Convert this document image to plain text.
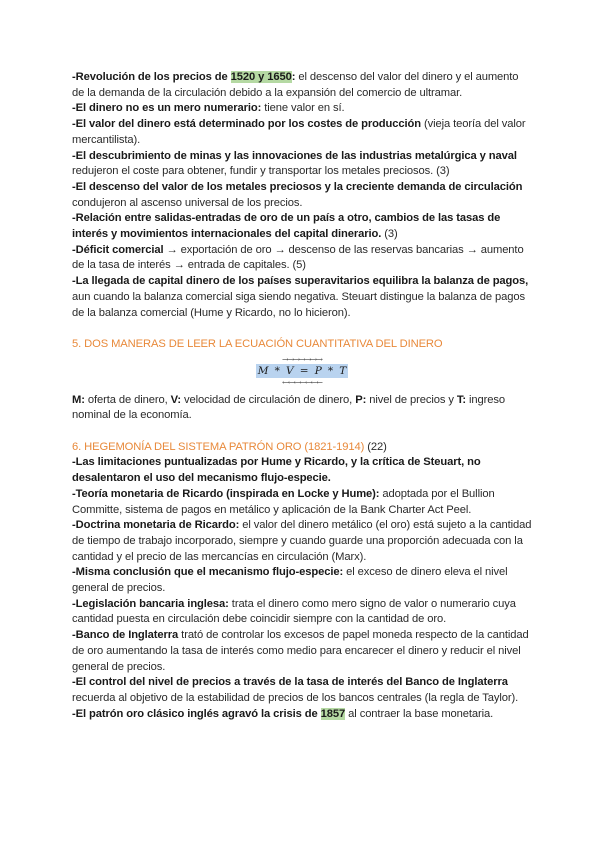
-Revolución de los precios de 1520 y 1650: el descenso del valor del dinero y el aumento de la demanda de la circulación debido a la expansión del comercio de ultramar.

-El dinero no es un mero numerario: tiene valor en sí.

-El valor del dinero está determinado por los costes de producción (vieja teoría del valor mercantilista).

-El descubrimiento de minas y las innovaciones de las industrias metalúrgica y naval redujeron el coste para obtener, fundir y transportar los metales preciosos. (3)

-El descenso del valor de los metales preciosos y la creciente demanda de circulación condujeron al ascenso universal de los precios.

-Relación entre salidas-entradas de oro de un país a otro, cambios de las tasas de interés y movimientos internacionales del capital dinerario. (3)

-Déficit comercial → exportación de oro → descenso de las reservas bancarias → aumento de la tasa de interés → entrada de capitales. (5)

-La llegada de capital dinero de los países superavitarios equilibra la balanza de pagos, aun cuando la balanza comercial siga siendo negativa. Steuart distingue la balanza de pagos de la balanza comercial (Hume y Ricardo, no lo hicieron).

5. DOS MANERAS DE LEER LA ECUACIÓN CUANTITATIVA DEL DINERO

→→→→→→→
M * V = P * T
←←←←←←←

M: oferta de dinero, V: velocidad de circulación de dinero, P: nivel de precios y T: ingreso nominal de la economía.

6. HEGEMONÍA DEL SISTEMA PATRÓN ORO (1821-1914) (22)

-Las limitaciones puntualizadas por Hume y Ricardo, y la crítica de Steuart, no desalentaron el uso del mecanismo flujo-especie.

-Teoría monetaria de Ricardo (inspirada en Locke y Hume): adoptada por el Bullion Committe, sistema de pagos en metálico y aplicación de la Bank Charter Act Peel.

-Doctrina monetaria de Ricardo: el valor del dinero metálico (el oro) está sujeto a la cantidad de tiempo de trabajo incorporado, siempre y cuando guarde una proporción adecuada con la cantidad y el precio de las mercancías en circulación (Marx).

-Misma conclusión que el mecanismo flujo-especie: el exceso de dinero eleva el nivel general de precios.

-Legislación bancaria inglesa: trata el dinero como mero signo de valor o numerario cuya cantidad puesta en circulación debe coincidir siempre con la cantidad de oro.

-Banco de Inglaterra trató de controlar los excesos de papel moneda respecto de la cantidad de oro aumentando la tasa de interés como medio para encarecer el dinero y reducir el nivel general de precios.

-El control del nivel de precios a través de la tasa de interés del Banco de Inglaterra recuerda al objetivo de la estabilidad de precios de los bancos centrales (la regla de Taylor).

-El patrón oro clásico inglés agravó la crisis de 1857 al contraer la base monetaria.
